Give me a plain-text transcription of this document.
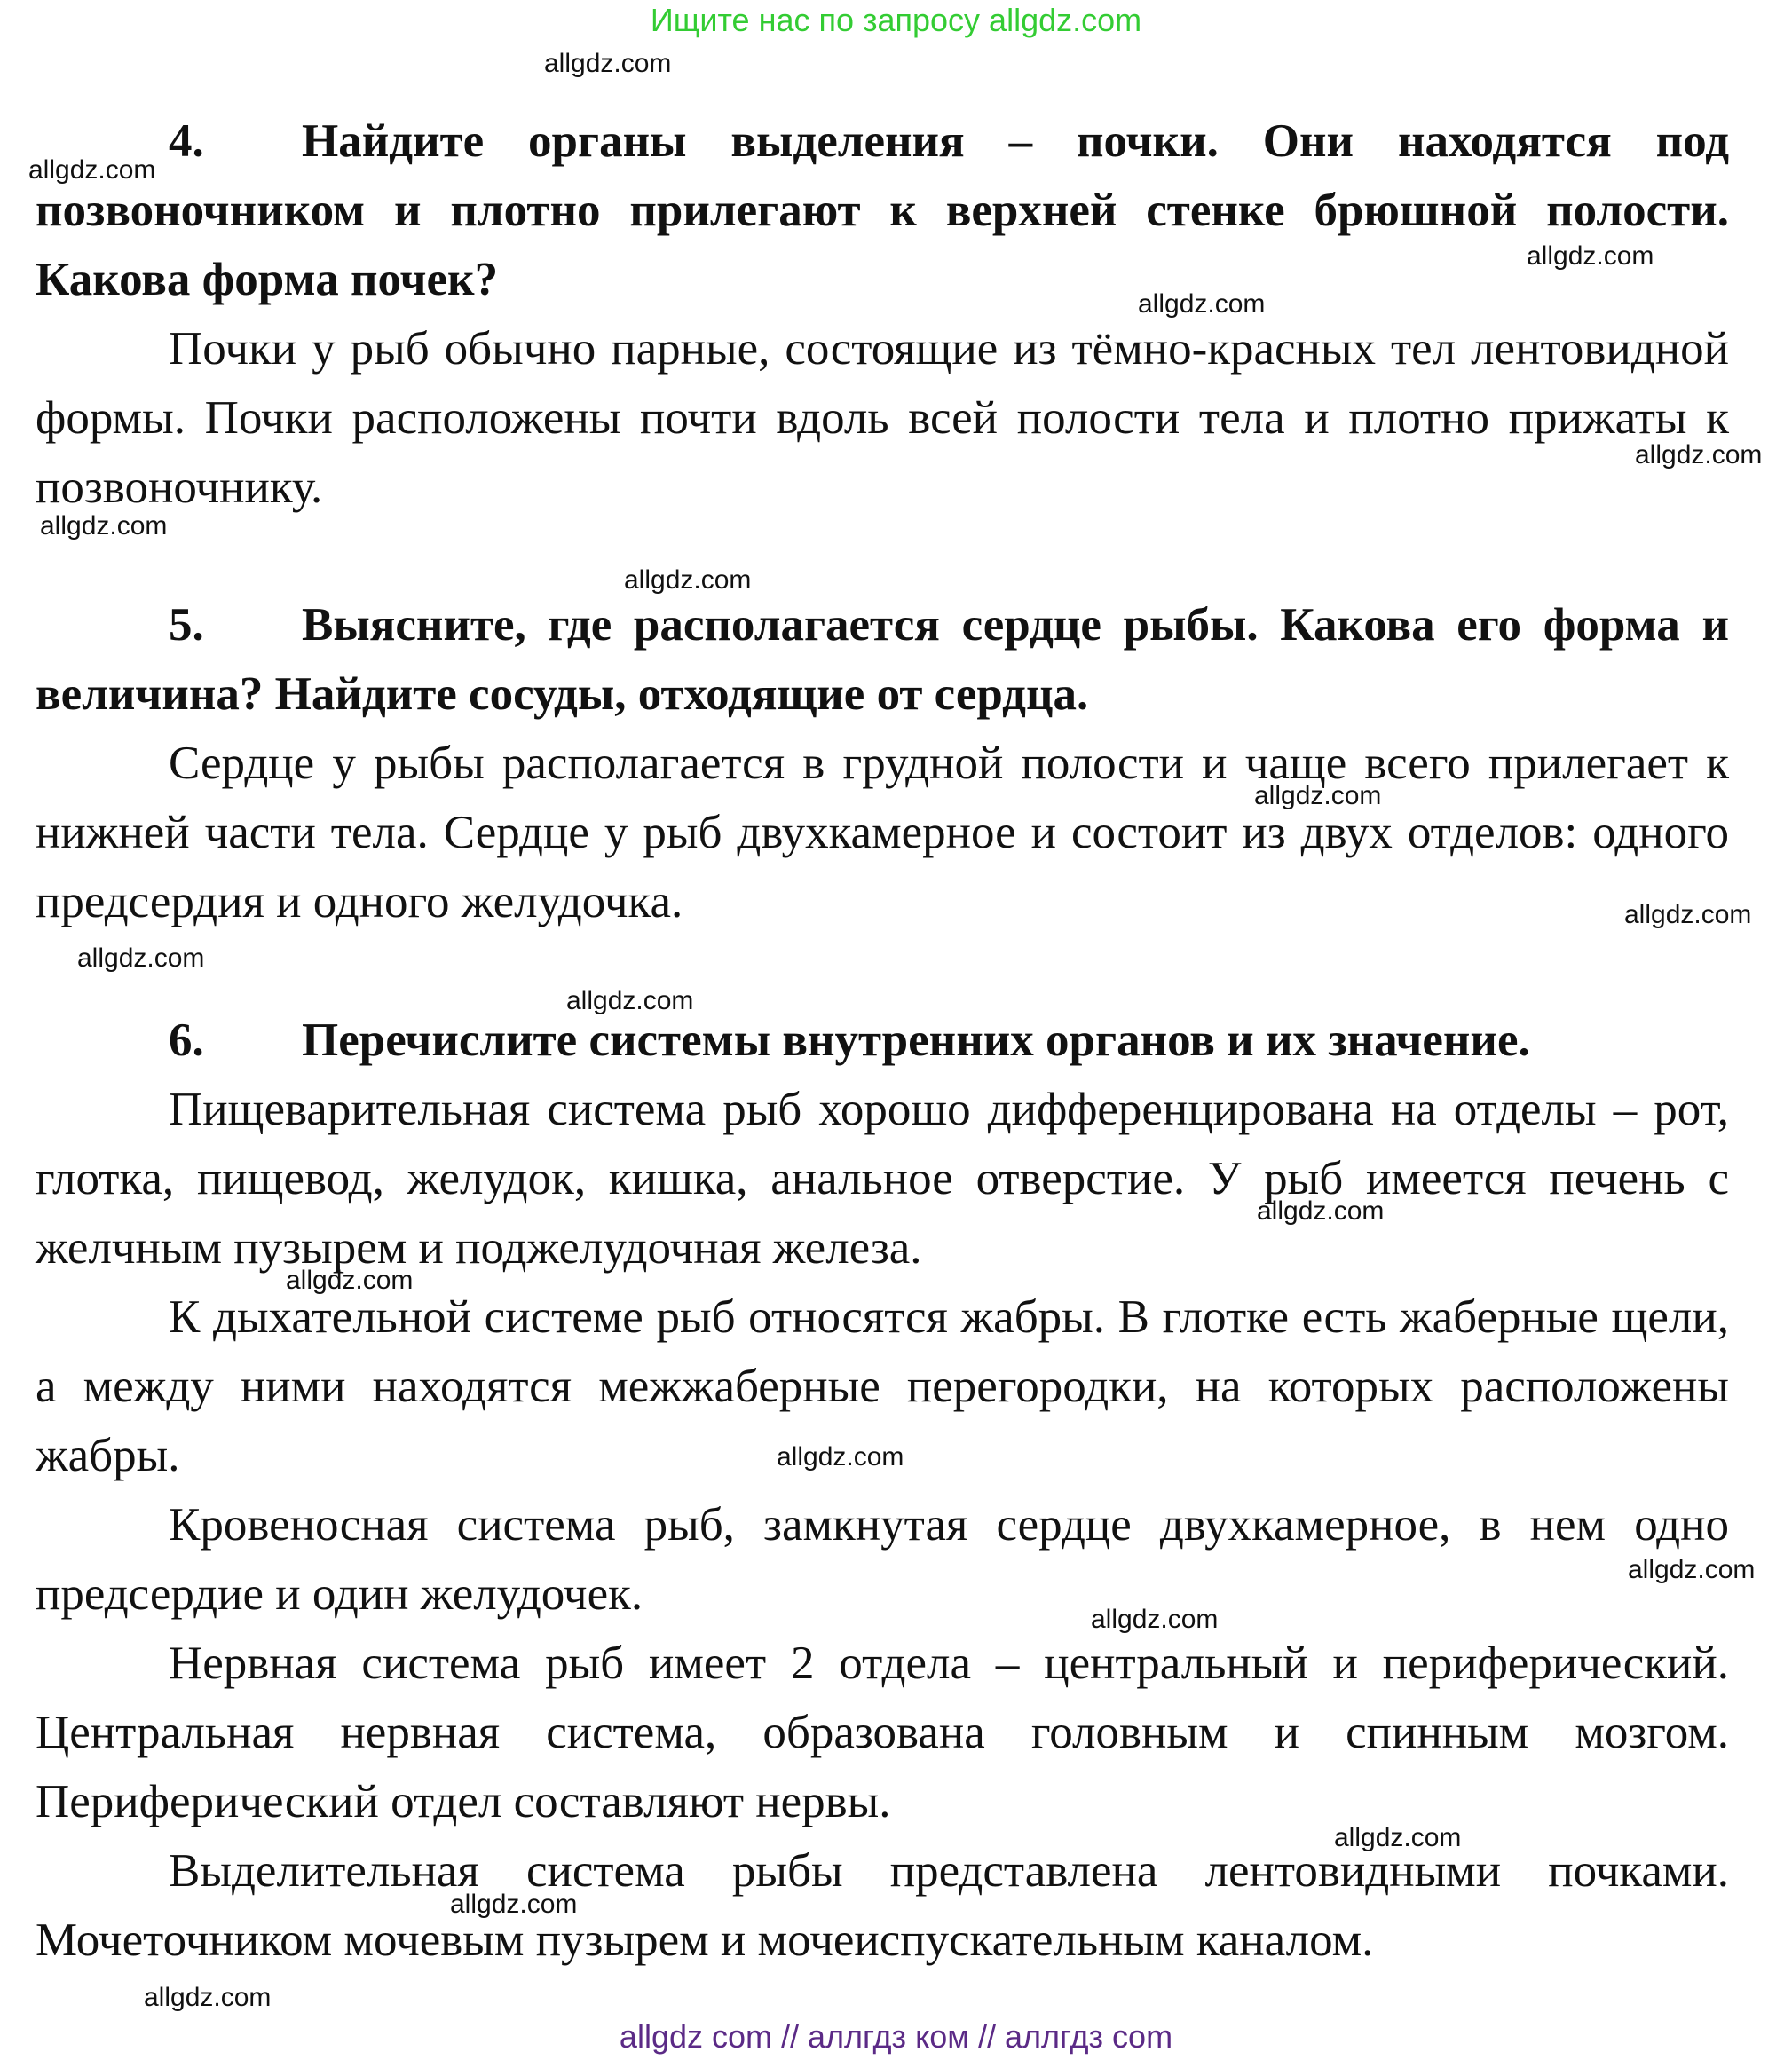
Ищите нас по запросу allgdz.com

4. Найдите органы выделения – почки. Они находятся под позвоночником и плотно прилегают к верхней стенке брюшной полости. Какова форма почек?

Почки у рыб обычно парные, состоящие из тёмно-красных тел лентовидной формы. Почки расположены почти вдоль всей полости тела и плотно прижаты к позвоночнику.

5. Выясните, где располагается сердце рыбы. Какова его форма и величина? Найдите сосуды, отходящие от сердца.

Сердце у рыбы располагается в грудной полости и чаще всего прилегает к нижней части тела. Сердце у рыб двухкамерное и состоит из двух отделов: одного предсердия и одного желудочка.

6. Перечислите системы внутренних органов и их значение.

Пищеварительная система рыб хорошо дифференцирована на отделы – рот, глотка, пищевод, желудок, кишка, анальное отверстие. У рыб имеется печень с желчным пузырем и поджелудочная железа.

К дыхательной системе рыб относятся жабры. В глотке есть жаберные щели, а между ними находятся межжаберные перегородки, на которых расположены жабры.

Кровеносная система рыб, замкнутая сердце двухкамерное, в нем одно предсердие и один желудочек.

Нервная система рыб имеет 2 отдела – центральный и периферический. Центральная нервная система, образована головным и спинным мозгом. Периферический отдел составляют нервы.

Выделительная система рыбы представлена лентовидными почками. Мочеточником мочевым пузырем и мочеиспускательным каналом.

allgdz.com
allgdz.com
allgdz.com
allgdz.com
allgdz.com
allgdz.com
allgdz.com
allgdz.com
allgdz.com
allgdz.com
allgdz.com
allgdz.com
allgdz.com
allgdz.com
allgdz.com
allgdz.com
allgdz.com
allgdz.com
allgdz.com
allgdz com // аллгдз ком // аллгдз com
